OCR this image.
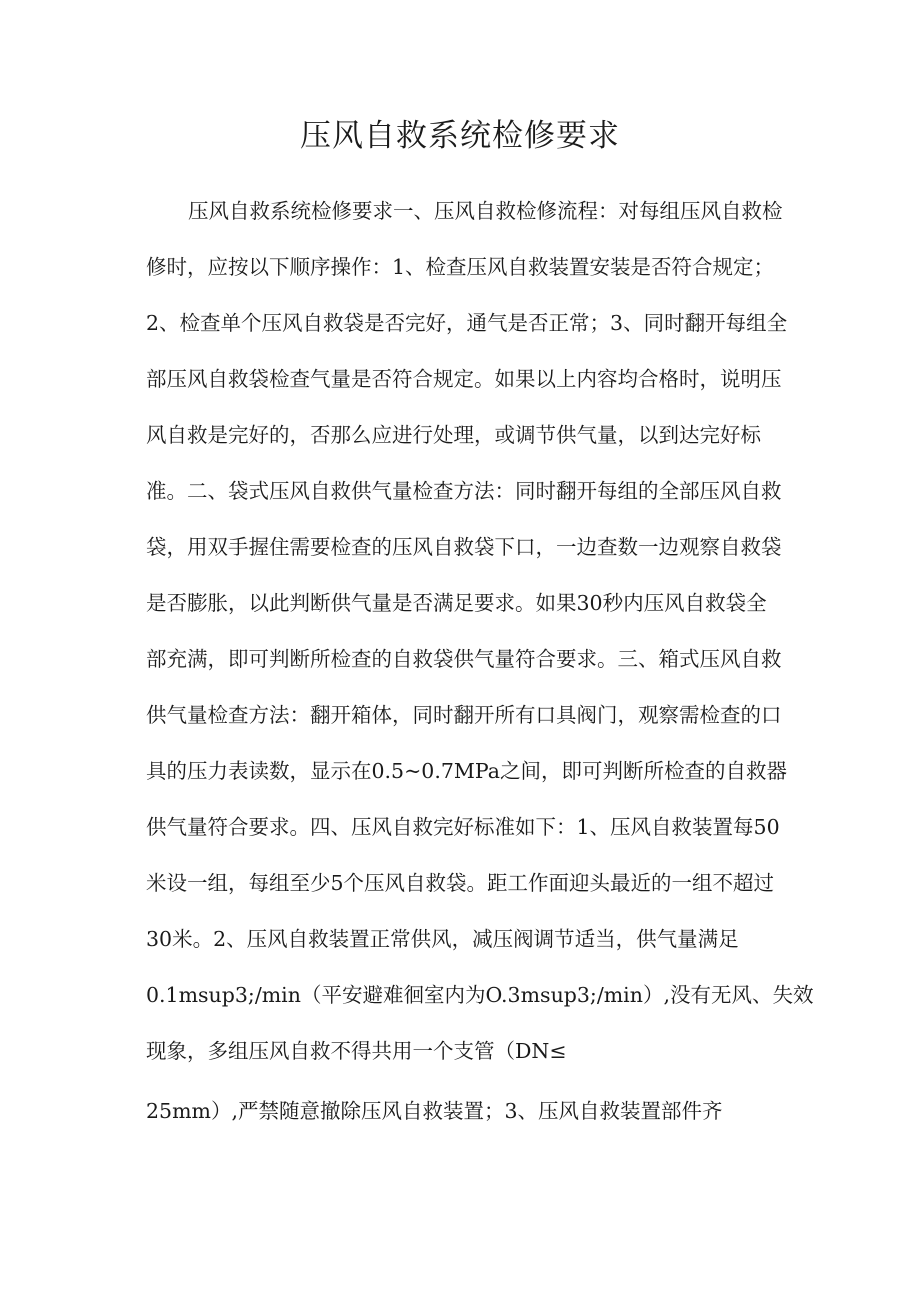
压风自救系统检修要求

压风自救系统检修要求一、压风自救检修流程：对每组压风自救检

修时，应按以下顺序操作：1、检查压风自救装置安装是否符合规定；

2、检查单个压风自救袋是否完好，通气是否正常；3、同时翻开每组全

部压风自救袋检查气量是否符合规定。如果以上内容均合格时，说明压

风自救是完好的，否那么应进行处理，或调节供气量，以到达完好标

准。二、袋式压风自救供气量检查方法：同时翻开每组的全部压风自救

袋，用双手握住需要检查的压风自救袋下口，一边查数一边观察自救袋

是否膨胀，以此判断供气量是否满足要求。如果30秒内压风自救袋全

部充满，即可判断所检查的自救袋供气量符合要求。三、箱式压风自救

供气量检查方法：翻开箱体，同时翻开所有口具阀门，观察需检查的口

具的压力表读数，显示在0.5~0.7MPa之间，即可判断所检查的自救器

供气量符合要求。四、压风自救完好标准如下：1、压风自救装置每50

米设一组，每组至少5个压风自救袋。距工作面迎头最近的一组不超过

30米。2、压风自救装置正常供风，减压阀调节适当，供气量满足

0.1msup3;/min（平安避难徊室内为O.3msup3;/min）,没有无风、失效

现象，多组压风自救不得共用一个支管（DN≤

25mm）,严禁随意撤除压风自救装置；3、压风自救装置部件齐
